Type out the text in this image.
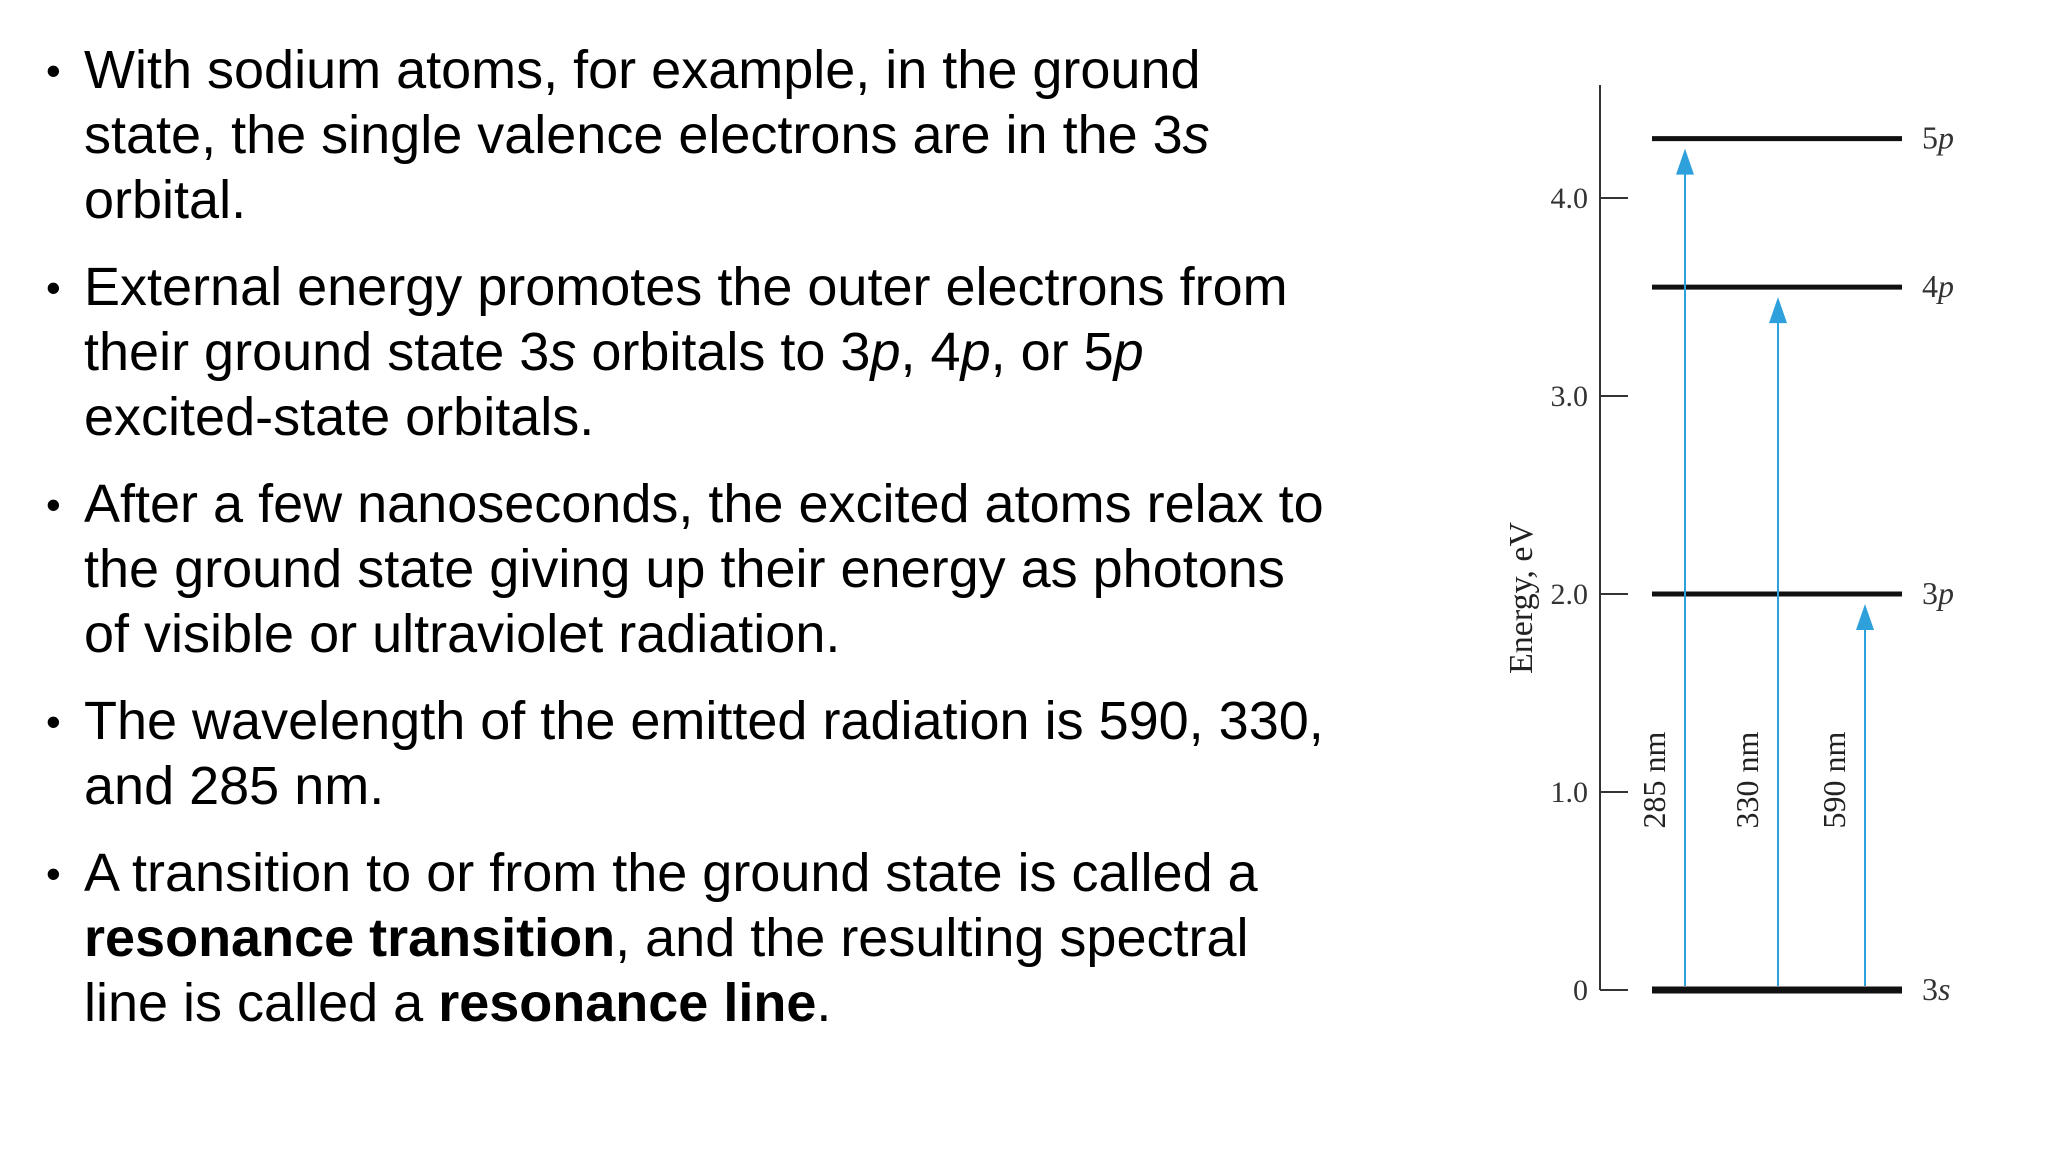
• With sodium atoms, for example, in the ground state, the single valence electrons are in the 3s orbital.
• External energy promotes the outer electrons from their ground state 3s orbitals to 3p, 4p, or 5p excited-state orbitals.
• After a few nanoseconds, the excited atoms relax to the ground state giving up their energy as photons of visible or ultraviolet radiation.
• The wavelength of the emitted radiation is 590, 330, and 285 nm.
• A transition to or from the ground state is called a resonance transition, and the resulting spectral line is called a resonance line.
Energy, eV
0
1.0
2.0
3.0
4.0
3s
3p
4p
5p
285 nm 330 nm 590 nm
